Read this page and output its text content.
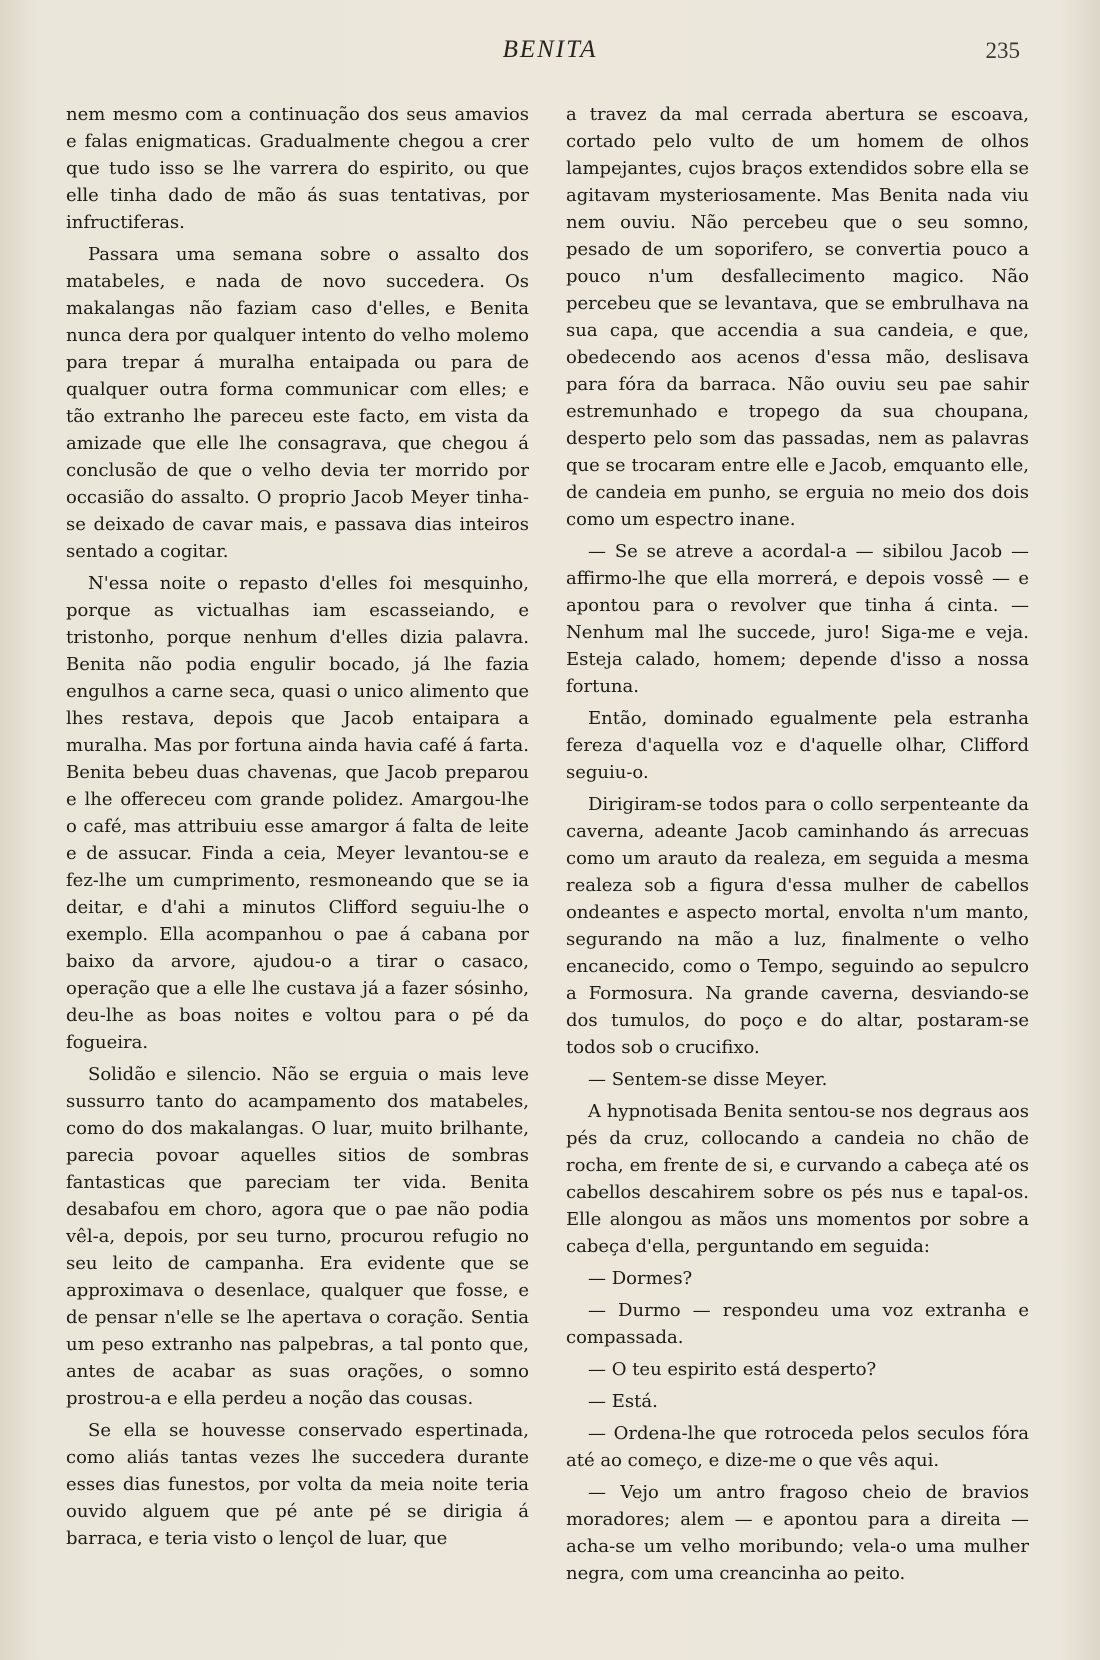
BENITA	235

nem mesmo com a continuação dos seus amavios e falas enigmaticas. Gradualmente chegou a crer que tudo isso se lhe varrera do espirito, ou que elle tinha dado de mão ás suas tentativas, por infructiferas.

Passara uma semana sobre o assalto dos matabeles, e nada de novo succedera. Os makalangas não faziam caso d'elles, e Benita nunca dera por qualquer intento do velho molemo para trepar á muralha entaipada ou para de qualquer outra forma communicar com elles; e tão extranho lhe pareceu este facto, em vista da amizade que elle lhe consagrava, que chegou á conclusão de que o velho devia ter morrido por occasião do assalto. O proprio Jacob Meyer tinha-se deixado de cavar mais, e passava dias inteiros sentado a cogitar.

N'essa noite o repasto d'elles foi mesquinho, porque as victualhas iam escasseiando, e tristonho, porque nenhum d'elles dizia palavra. Benita não podia engulir bocado, já lhe fazia engulhos a carne seca, quasi o unico alimento que lhes restava, depois que Jacob entaipara a muralha. Mas por fortuna ainda havia café á farta. Benita bebeu duas chavenas, que Jacob preparou e lhe offereceu com grande polidez. Amargou-lhe o café, mas attribuiu esse amargor á falta de leite e de assucar. Finda a ceia, Meyer levantou-se e fez-lhe um cumprimento, resmoneando que se ia deitar, e d'ahi a minutos Clifford seguiu-lhe o exemplo. Ella acompanhou o pae á cabana por baixo da arvore, ajudou-o a tirar o casaco, operação que a elle lhe custava já a fazer sósinho, deu-lhe as boas noites e voltou para o pé da fogueira.

Solidão e silencio. Não se erguia o mais leve sussurro tanto do acampamento dos matabeles, como do dos makalangas. O luar, muito brilhante, parecia povoar aquelles sitios de sombras fantasticas que pareciam ter vida. Benita desabafou em choro, agora que o pae não podia vêl-a, depois, por seu turno, procurou refugio no seu leito de campanha. Era evidente que se approximava o desenlace, qualquer que fosse, e de pensar n'elle se lhe apertava o coração. Sentia um peso extranho nas palpebras, a tal ponto que, antes de acabar as suas orações, o somno prostrou-a e ella perdeu a noção das cousas.

Se ella se houvesse conservado espertinada, como aliás tantas vezes lhe succedera durante esses dias funestos, por volta da meia noite teria ouvido alguem que pé ante pé se dirigia á barraca, e teria visto o lençol de luar, que

a travez da mal cerrada abertura se escoava, cortado pelo vulto de um homem de olhos lampejantes, cujos braços extendidos sobre ella se agitavam mysteriosamente. Mas Benita nada viu nem ouviu. Não percebeu que o seu somno, pesado de um soporifero, se convertia pouco a pouco n'um desfallecimento magico. Não percebeu que se levantava, que se embrulhava na sua capa, que accendia a sua candeia, e que, obedecendo aos acenos d'essa mão, deslisava para fóra da barraca. Não ouviu seu pae sahir estremunhado e tropego da sua choupana, desperto pelo som das passadas, nem as palavras que se trocaram entre elle e Jacob, emquanto elle, de candeia em punho, se erguia no meio dos dois como um espectro inane.

— Se se atreve a acordal-a — sibilou Jacob — affirmo-lhe que ella morrerá, e depois vossê — e apontou para o revolver que tinha á cinta. — Nenhum mal lhe succede, juro! Siga-me e veja. Esteja calado, homem; depende d'isso a nossa fortuna.

Então, dominado egualmente pela estranha fereza d'aquella voz e d'aquelle olhar, Clifford seguiu-o.

Dirigiram-se todos para o collo serpenteante da caverna, adeante Jacob caminhando ás arrecuas como um arauto da realeza, em seguida a mesma realeza sob a figura d'essa mulher de cabellos ondeantes e aspecto mortal, envolta n'um manto, segurando na mão a luz, finalmente o velho encanecido, como o Tempo, seguindo ao sepulcro a Formosura. Na grande caverna, desviando-se dos tumulos, do poço e do altar, postaram-se todos sob o crucifixo.

— Sentem-se disse Meyer.

A hypnotisada Benita sentou-se nos degraus aos pés da cruz, collocando a candeia no chão de rocha, em frente de si, e curvando a cabeça até os cabellos descahirem sobre os pés nus e tapal-os. Elle alongou as mãos uns momentos por sobre a cabeça d'ella, perguntando em seguida:

— Dormes?

— Durmo — respondeu uma voz extranha e compassada.

— O teu espirito está desperto?

— Está.

— Ordena-lhe que rotroceda pelos seculos fóra até ao começo, e dize-me o que vês aqui.

— Vejo um antro fragoso cheio de bravios moradores; alem — e apontou para a direita — acha-se um velho moribundo; vela-o uma mulher negra, com uma creancinha ao peito.
